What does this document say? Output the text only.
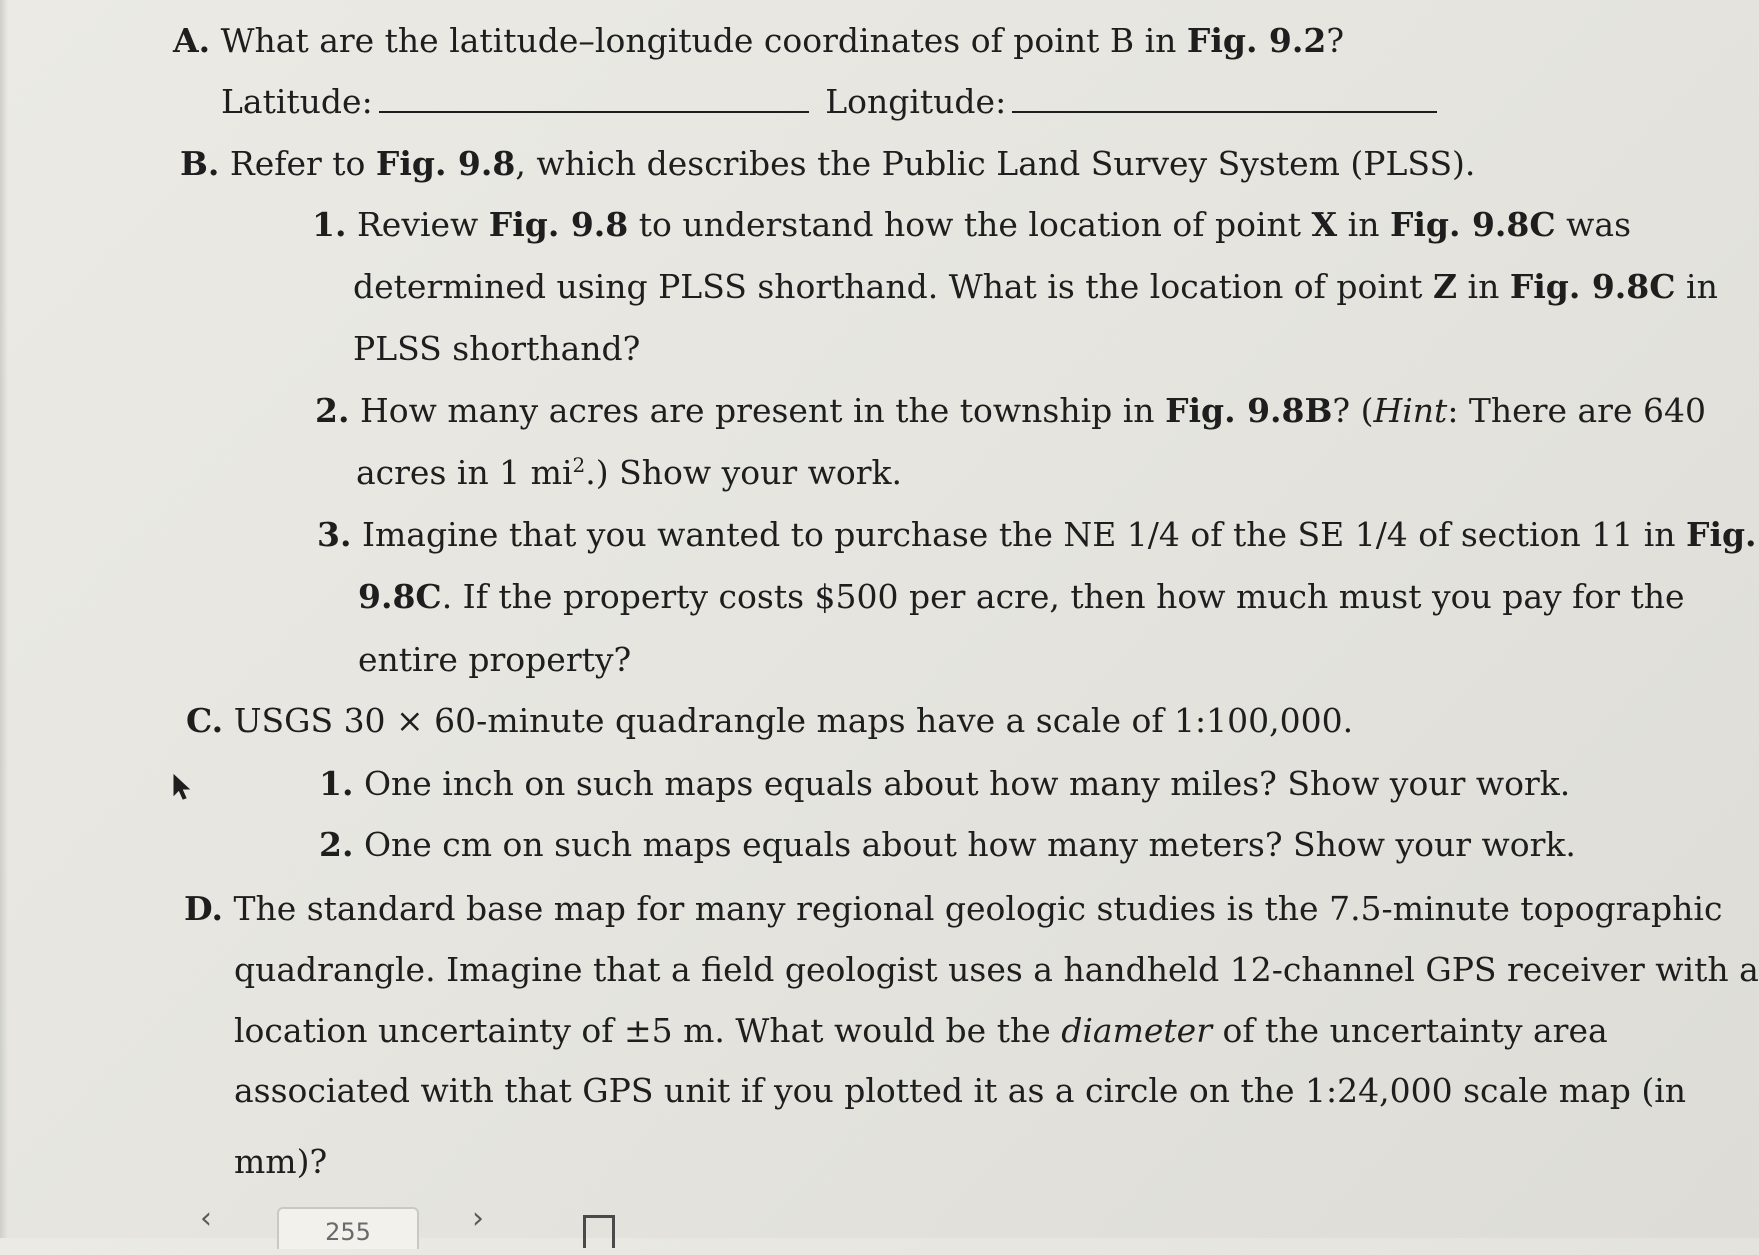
A. What are the latitude–longitude coordinates of point B in Fig. 9.2?
Latitude:	Longitude:
B. Refer to Fig. 9.8, which describes the Public Land Survey System (PLSS).
1. Review Fig. 9.8 to understand how the location of point X in Fig. 9.8C was
determined using PLSS shorthand. What is the location of point Z in Fig. 9.8C in
PLSS shorthand?
2. How many acres are present in the township in Fig. 9.8B? (Hint: There are 640
acres in 1 $mi^2$.) Show your work.
3. Imagine that you wanted to purchase the NE 1/4 of the SE 1/4 of section 11 in Fig.
9.8C. If the property costs $500 per acre, then how much must you pay for the
entire property?
C. USGS 30 × 60-minute quadrangle maps have a scale of 1:100,000.
1. One inch on such maps equals about how many miles? Show your work.
2. One cm on such maps equals about how many meters? Show your work.
D. The standard base map for many regional geologic studies is the 7.5-minute topographic
quadrangle. Imagine that a field geologist uses a handheld 12-channel GPS receiver with a
location uncertainty of ±5 m. What would be the diameter of the uncertainty area
associated with that GPS unit if you plotted it as a circle on the 1:24,000 scale map (in
mm)?
‹	255	›
